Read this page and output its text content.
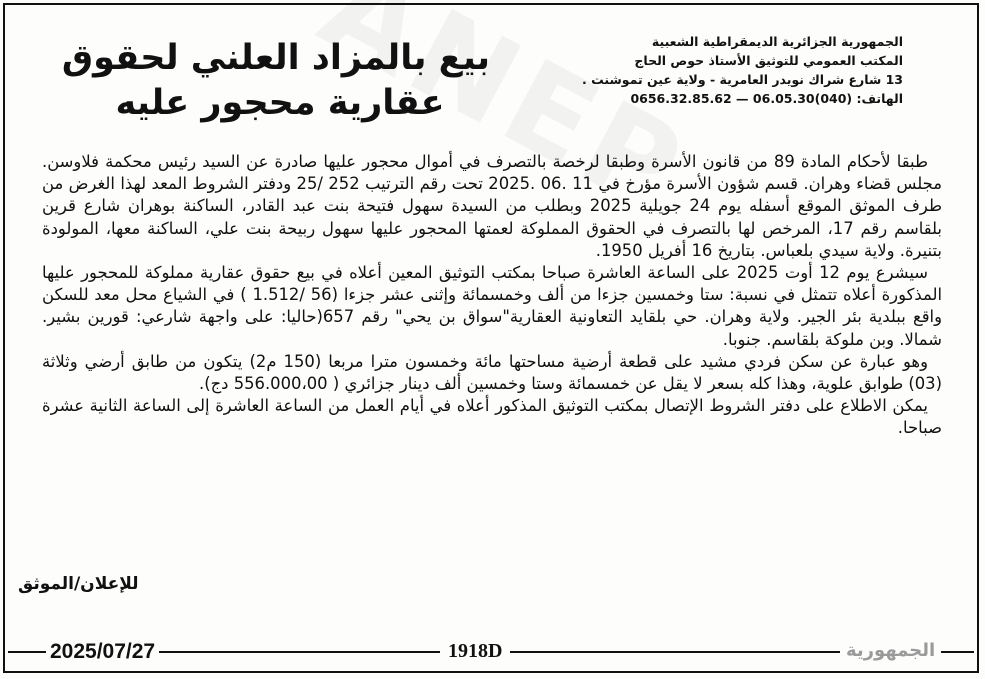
الجمهورية الجزائرية الديمقراطية الشعبية
المكتب العمومي للتوثيق الأستاذ حوص الحاج
13 شارع شراك نويدر العامرية - ولاية عين تموشنت .
الهاتف: (040)06.05.30 — 0656.32.85.62
بيع بالمزاد العلني لحقوق
عقارية محجور عليه

طبقا لأحكام المادة 89 من قانون الأسرة وطبقا لرخصة بالتصرف في أموال محجور عليها صادرة عن السيد رئيس محكمة فلاوسن. مجلس قضاء وهران. قسم شؤون الأسرة مؤرخ في 11 .06 .2025 تحت رقم الترتيب 252 /25 ودفتر الشروط المعد لهذا الغرض من طرف الموثق الموقع أسفله يوم 24 جويلية 2025 وبطلب من السيدة سهول فتيحة بنت عبد القادر، الساكنة بوهران شارع قرين بلقاسم رقم 17، المرخص لها بالتصرف في الحقوق المملوكة لعمتها المحجور عليها سهول ربيحة بنت علي، الساكنة معها، المولودة بتنيرة. ولاية سيدي بلعباس. بتاريخ 16 أفريل 1950.

سيشرع يوم 12 أوت 2025 على الساعة العاشرة صباحا بمكتب التوثيق المعين أعلاه في بيع حقوق عقارية مملوكة للمحجور عليها المذكورة أعلاه تتمثل في نسبة: ستا وخمسين جزءا من ألف وخمسمائة وإثنى عشر جزءا (56 /1.512 ) في الشياع محل معد للسكن واقع ببلدية بئر الجير. ولاية وهران. حي بلقايد التعاونية العقارية"سواق بن يحي" رقم 657(حاليا: على واجهة شارعي: قورين بشير. شمالا. وبن ملوكة بلقاسم. جنوبا.

وهو عبارة عن سكن فردي مشيد على قطعة أرضية مساحتها مائة وخمسون مترا مربعا (150 م2) يتكون من طابق أرضي وثلاثة (03) طوابق علوية، وهذا كله بسعر لا يقل عن خمسمائة وستا وخمسين ألف دينار جزائري ( 556.000،00 دج).

يمكن الاطلاع على دفتر الشروط الإتصال بمكتب التوثيق المذكور أعلاه في أيام العمل من الساعة العاشرة إلى الساعة الثانية عشرة صباحا.

للإعلان/الموثق
2025/07/27	1918D	الجمهورية
